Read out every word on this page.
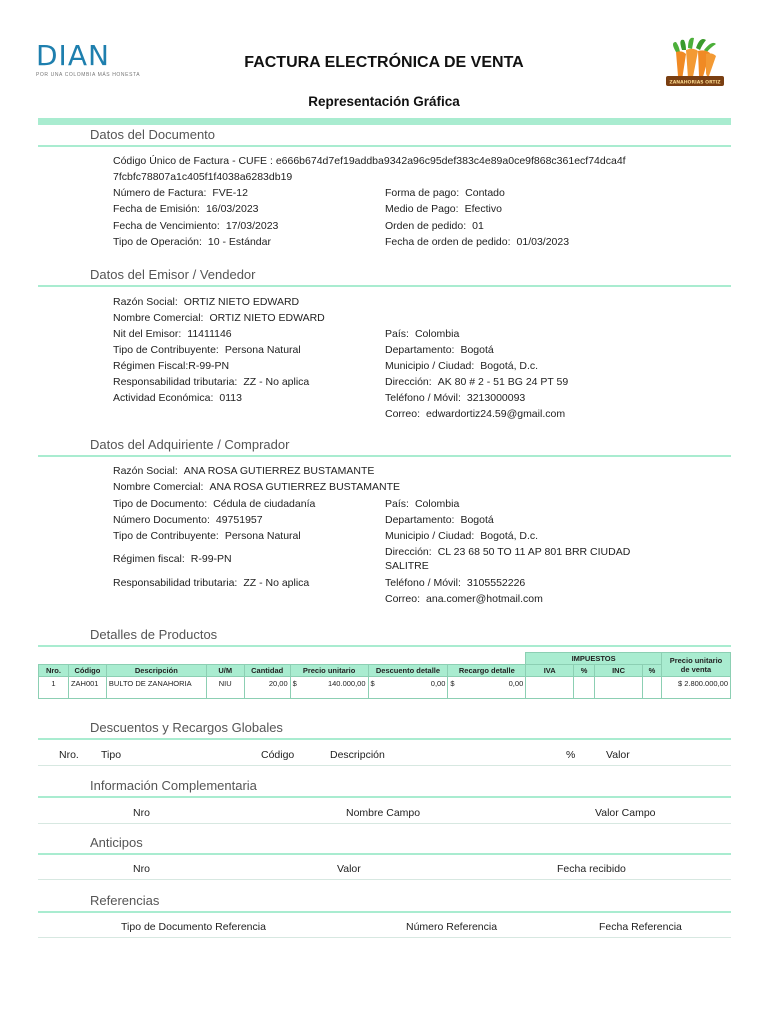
DIAN
POR UNA COLOMBIA MÁS HONESTA
FACTURA ELECTRÓNICA DE VENTA
Representación Gráfica
ZANAHORIAS ORTIZ
Datos del Documento
Código Único de Factura - CUFE : e666b674d7ef19addba9342a96c95def383c4e89a0ce9f868c361ecf74dca4f
7fcbfc78807a1c405f1f4038a6283db19
Número de Factura: FVE-12
Fecha de Emisión: 16/03/2023
Fecha de Vencimiento: 17/03/2023
Tipo de Operación: 10 - Estándar
Forma de pago: Contado
Medio de Pago: Efectivo
Orden de pedido: 01
Fecha de orden de pedido: 01/03/2023
Datos del Emisor / Vendedor
Razón Social: ORTIZ NIETO EDWARD
Nombre Comercial: ORTIZ NIETO EDWARD
Nit del Emisor: 11411146
Tipo de Contribuyente: Persona Natural
Régimen Fiscal:R-99-PN
Responsabilidad tributaria: ZZ - No aplica
Actividad Económica: 0113
País: Colombia
Departamento: Bogotá
Municipio / Ciudad: Bogotá, D.c.
Dirección: AK 80 # 2 - 51 BG 24 PT 59
Teléfono / Móvil: 3213000093
Correo: edwardortiz24.59@gmail.com
Datos del Adquiriente / Comprador
Razón Social: ANA ROSA GUTIERREZ BUSTAMANTE
Nombre Comercial: ANA ROSA GUTIERREZ BUSTAMANTE
Tipo de Documento: Cédula de ciudadanía
Número Documento: 49751957
Tipo de Contribuyente: Persona Natural
Régimen fiscal: R-99-PN
Responsabilidad tributaria: ZZ - No aplica
País: Colombia
Departamento: Bogotá
Municipio / Ciudad: Bogotá, D.c.
Dirección: CL 23 68 50 TO 11 AP 801 BRR CIUDAD
SALITRE
Teléfono / Móvil: 3105552226
Correo: ana.comer@hotmail.com
Detalles de Productos
								IMPUESTOS				Precio unitario
de venta
Nro.	Código	Descripción	U/M	Cantidad	Precio unitario	Descuento detalle	Recargo detalle	IVA	%	INC	%	
1	ZAH001	BULTO DE ZANAHORIA	NIU	20,00	$ 140.000,00	$ 0,00	$ 0,00					$ 2.800.000,00
Descuentos y Recargos Globales
Nro. Tipo	Código	Descripción	%	Valor
Información Complementaria
Nro	Nombre Campo	Valor Campo
Anticipos
Nro	Valor	Fecha recibido
Referencias
Tipo de Documento Referencia	Número Referencia	Fecha Referencia
